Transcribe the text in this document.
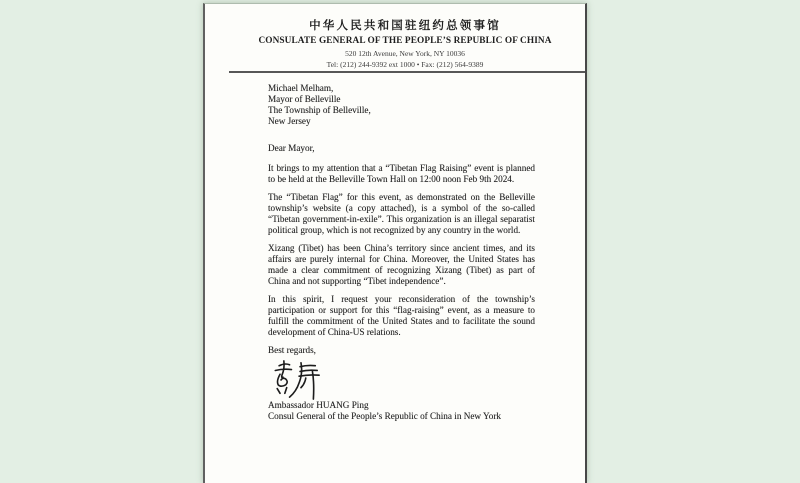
中华人民共和国驻纽约总领事馆
CONSULATE GENERAL OF THE PEOPLE’S REPUBLIC OF CHINA
520 12th Avenue, New York, NY 10036
Tel: (212) 244-9392 ext 1000 • Fax: (212) 564-9389
Michael Melham,
Mayor of Belleville
The Township of Belleville,
New Jersey
Dear Mayor,

It brings to my attention that a “Tibetan Flag Raising” event is planned to be held at the Belleville Town Hall on 12:00 noon Feb 9th 2024.

The “Tibetan Flag” for this event, as demonstrated on the Belleville township’s website (a copy attached), is a symbol of the so-called “Tibetan government-in-exile”. This organization is an illegal separatist political group, which is not recognized by any country in the world.

Xizang (Tibet) has been China’s territory since ancient times, and its affairs are purely internal for China. Moreover, the United States has made a clear commitment of recognizing Xizang (Tibet) as part of China and not supporting “Tibet independence”.

In this spirit, I request your reconsideration of the township’s participation or support for this “flag-raising” event, as a measure to fulfill the commitment of the United States and to facilitate the sound development of China-US relations.

Best regards,
Ambassador HUANG Ping
Consul General of the People’s Republic of China in New York
